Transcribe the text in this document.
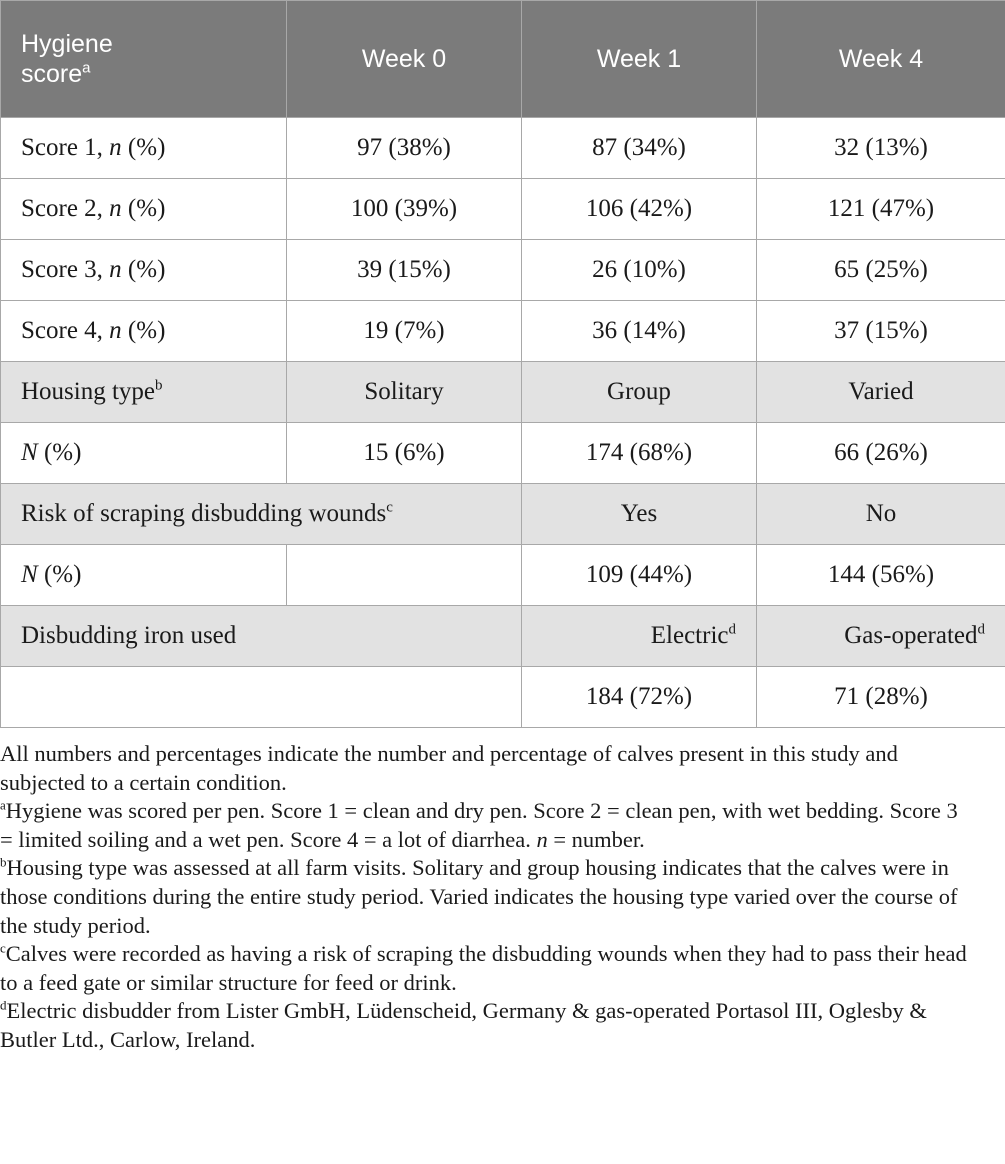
Hygiene
score$^a$	Week 0	Week 1	Week 4
Score 1, n (%)	97 (38%)	87 (34%)	32 (13%)
Score 2, n (%)	100 (39%)	106 (42%)	121 (47%)
Score 3, n (%)	39 (15%)	26 (10%)	65 (25%)
Score 4, n (%)	19 (7%)	36 (14%)	37 (15%)
Housing type$^b$	Solitary	Group	Varied
N (%)	15 (6%)	174 (68%)	66 (26%)
Risk of scraping disbudding wounds$^c$		Yes	No
N (%)		109 (44%)	144 (56%)
Disbudding iron used		Electric$^d$	Gas-operated$^d$
		184 (72%)	71 (28%)

All numbers and percentages indicate the number and percentage of calves present in this study and subjected to a certain condition.

$^a$Hygiene was scored per pen. Score 1 = clean and dry pen. Score 2 = clean pen, with wet bedding. Score 3 = limited soiling and a wet pen. Score 4 = a lot of diarrhea. n = number.

$^b$Housing type was assessed at all farm visits. Solitary and group housing indicates that the calves were in those conditions during the entire study period. Varied indicates the housing type varied over the course of the study period.

$^c$Calves were recorded as having a risk of scraping the disbudding wounds when they had to pass their head to a feed gate or similar structure for feed or drink.

$^d$Electric disbudder from Lister GmbH, Lüdenscheid, Germany & gas-operated Portasol III, Oglesby & Butler Ltd., Carlow, Ireland.
